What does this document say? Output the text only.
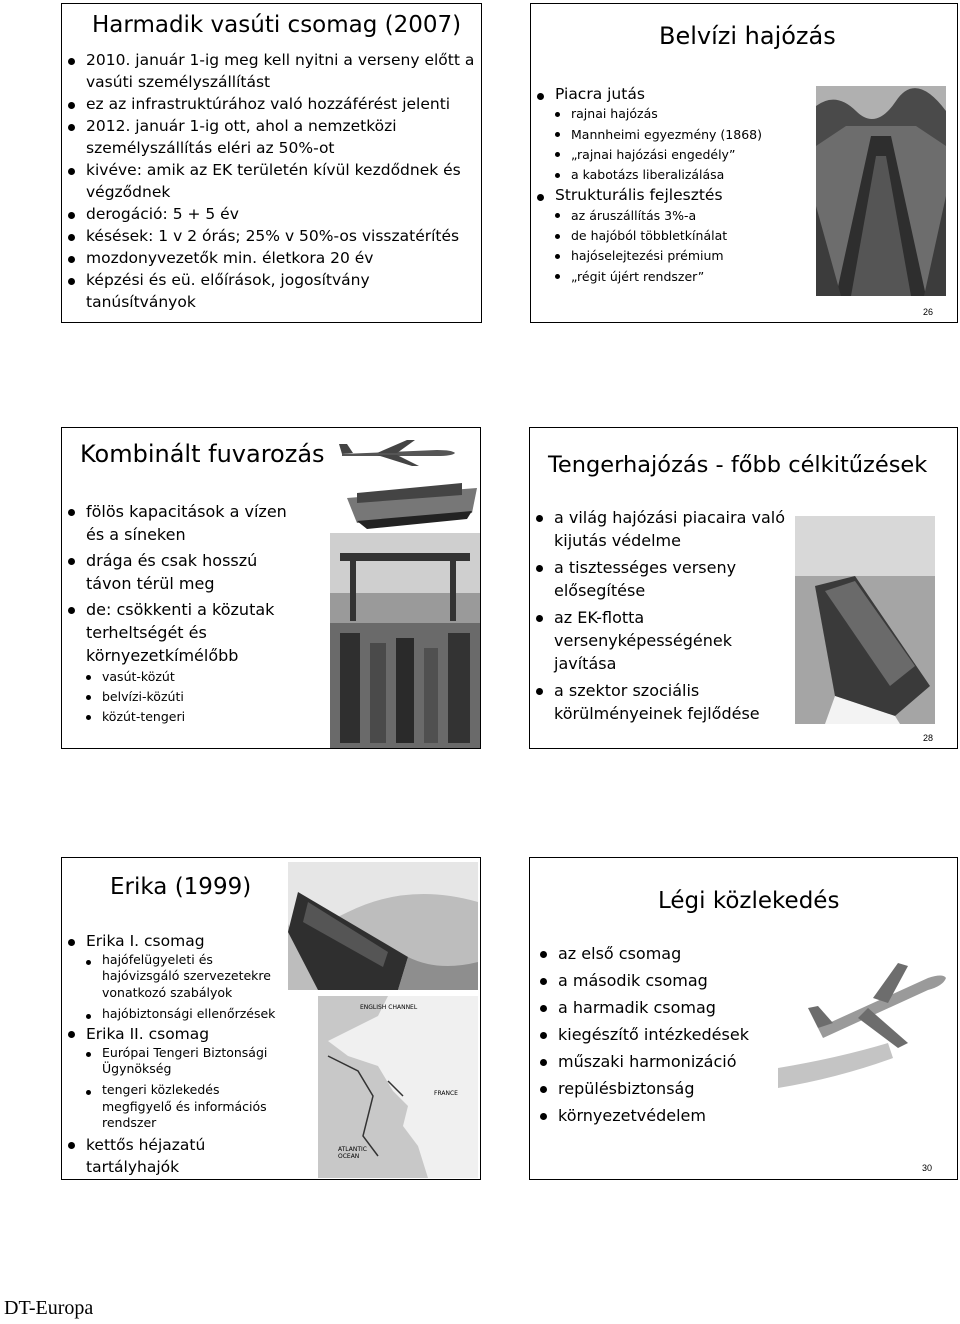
Harmadik vasúti csomag (2007)
2010. január 1-ig meg kell nyitni a verseny előtt a vasúti személyszállítást
ez az infrastruktúrához való hozzáférést jelenti
2012. január 1-ig ott, ahol a nemzetközi személyszállítás eléri az 50%-ot
kivéve: amik az EK területén kívül kezdődnek és végződnek
derogáció: 5 + 5 év
késések: 1 v 2 órás; 25% v 50%-os visszatérítés
mozdonyvezetők min. életkora 20 év
képzési és eü. előírások, jogosítvány tanúsítványok
Belvízi hajózás
Piacra jutás
rajnai hajózás
Mannheimi egyezmény (1868)
„rajnai hajózási engedély”
a kabotázs liberalizálása
Strukturális fejlesztés
az áruszállítás 3%-a
de hajóból többletkínálat
hajóselejtezési prémium
„régit újért rendszer”
26
Kombinált fuvarozás
fölös kapacitások a vízen és a síneken
drága és csak hosszú távon térül meg
de: csökkenti a közutak terheltségét és környezetkímélőbb
vasút-közút
belvízi-közúti
közút-tengeri
Tengerhajózás - főbb célkitűzések
a világ hajózási piacaira való kijutás védelme
a tisztességes verseny elősegítése
az EK-flotta versenyképességének javítása
a szektor szociális körülményeinek fejlődése
28
Erika (1999)
Erika I. csomag
hajófelügyeleti és hajóvizsgáló szervezetekre vonatkozó szabályok
hajóbiztonsági ellenőrzések
Erika II. csomag
Európai Tengeri Biztonsági Ügynökség
tengeri közlekedés megfigyelő és információs rendszer
kettős héjazatú tartályhajók
ENGLISH CHANNEL
FRANCE
ATLANTIC OCEAN
Légi közlekedés
az első csomag
a második csomag
a harmadik csomag
kiegészítő intézkedések
műszaki harmonizáció
repülésbiztonság
környezetvédelem
30
DT-Europa
